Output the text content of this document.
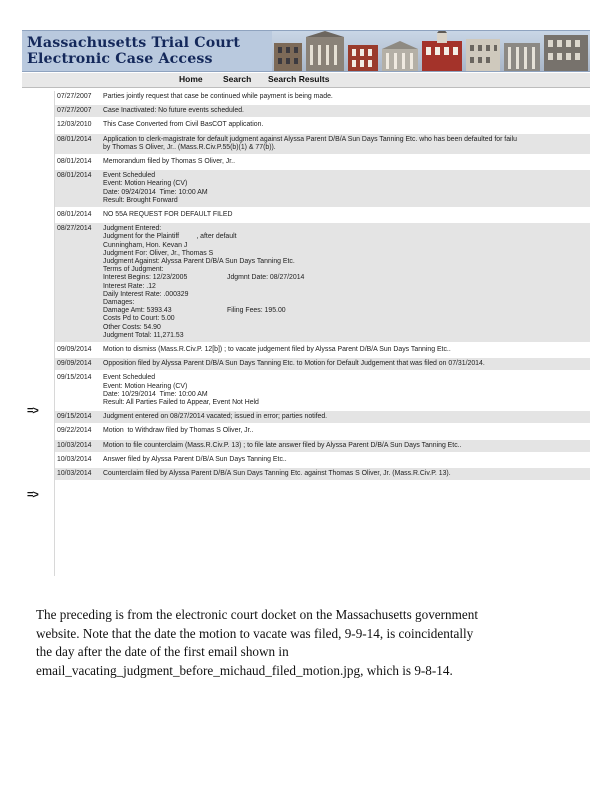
Massachusetts Trial Court
Electronic Case Access
Home Search Search Results
07/27/2007	Parties jointly request that case be continued while payment is being made.
07/27/2007	Case Inactivated: No future events scheduled.
12/03/2010	This Case Converted from Civil BasCOT application.
08/01/2014	Application to clerk-magistrate for default judgment against Alyssa Parent D/B/A Sun Days Tanning Etc. who has been defaulted for failu
by Thomas S Oliver, Jr.. (Mass.R.Civ.P.55(b)(1) & 77(b)).
08/01/2014	Memorandum filed by Thomas S Oliver, Jr..
08/01/2014	Event Scheduled
Event: Motion Hearing (CV)
Date: 09/24/2014  Time: 10:00 AM
Result: Brought Forward
08/01/2014	NO 55A REQUEST FOR DEFAULT FILED
08/27/2014	Judgment Entered:
Judgment for the Plaintiff         , after default
Cunningham, Hon. Kevan J
Judgment For: Oliver, Jr., Thomas S
Judgment Against: Alyssa Parent D/B/A Sun Days Tanning Etc.
Terms of Judgment:
Interest Begins: 12/23/2005	Jdgmnt Date: 08/27/2014
Interest Rate: .12
Daily Interest Rate: .000329
Damages:
Damage Amt: 5393.43	Filing Fees: 195.00
Costs Pd to Court: 5.00
Other Costs: 54.90
Judgment Total: 11,271.53
09/09/2014	Motion to dismiss (Mass.R.Civ.P. 12[b]) ; to vacate judgement filed by Alyssa Parent D/B/A Sun Days Tanning Etc..
09/09/2014	Opposition filed by Alyssa Parent D/B/A Sun Days Tanning Etc. to Motion for Default Judgement that was filed on 07/31/2014.
09/15/2014	Event Scheduled
Event: Motion Hearing (CV)
Date: 10/29/2014  Time: 10:00 AM
Result: All Parties Failed to Appear, Event Not Held
09/15/2014	Judgment entered on 08/27/2014 vacated; issued in error; parties notifed.
09/22/2014	Motion  to Withdraw filed by Thomas S Oliver, Jr..
10/03/2014	Motion to file counterclaim (Mass.R.Civ.P. 13) ; to file late answer filed by Alyssa Parent D/B/A Sun Days Tanning Etc..
10/03/2014	Answer filed by Alyssa Parent D/B/A Sun Days Tanning Etc..
10/03/2014	Counterclaim filed by Alyssa Parent D/B/A Sun Days Tanning Etc. against Thomas S Oliver, Jr. (Mass.R.Civ.P. 13).
=>
=>

The preceding is from the electronic court docket on the Massachusetts government

website. Note that the date the motion to vacate was filed, 9-9-14, is coincidentally

the day after the date of the first email shown in

email_vacating_judgment_before_michaud_filed_motion.jpg, which is 9-8-14.
